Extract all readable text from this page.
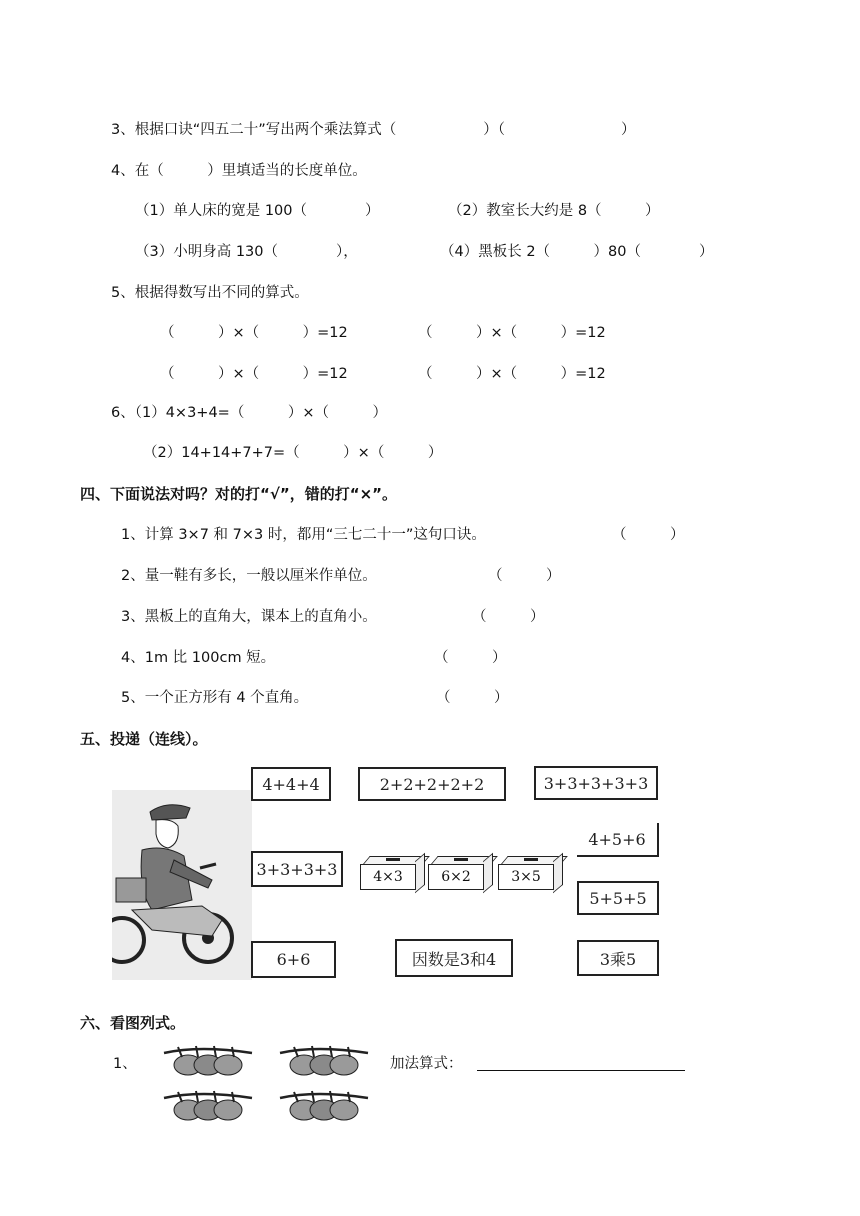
3、根据口诀“四五二十”写出两个乘法算式（　　　　　　）（　　　　　　　　）
4、在（　　　）里填适当的长度单位。
（1）单人床的宽是 100（　　　　）	（2）教室长大约是 8（　　　）
（3）小明身高 130（　　　　），	（4）黑板长 2（　　　）80（　　　　）
5、根据得数写出不同的算式。
（　　　）×（　　　）=12	（　　　）×（　　　）=12
（　　　）×（　　　）=12	（　　　）×（　　　）=12
6、（1）4×3+4=（　　　）×（　　　）
（2）14+14+7+7=（　　　）×（　　　）
四、下面说法对吗？对的打“√”，错的打“×”。
1、计算 3×7 和 7×3 时，都用“三七二十一”这句口诀。	（　　　）
2、量一鞋有多长，一般以厘米作单位。	（　　　）
3、黑板上的直角大，课本上的直角小。	（　　　）
4、1m 比 100cm 短。	（　　　）
5、一个正方形有 4 个直角。	（　　　）
五、投递（连线）。
4+4+4	2+2+2+2+2	3+3+3+3+3
4+5+6
3+3+3+3
5+5+5
6+6	因数是3和4	3乘5
4×3	6×2	3×5
六、看图列式。
1、	加法算式：
